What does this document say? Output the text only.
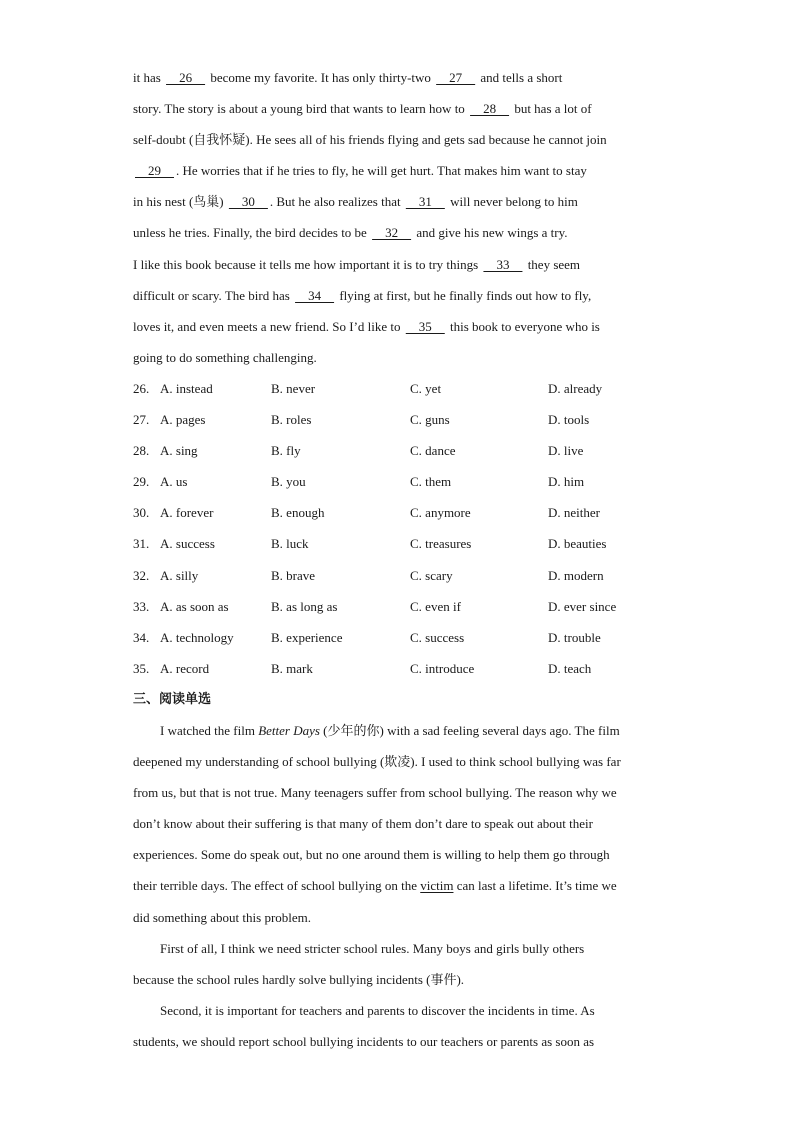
it has  26  become my favorite. It has only thirty-two  27  and tells a short
story. The story is about a young bird that wants to learn how to  28  but has a lot of
self-doubt (自我怀疑). He sees all of his friends flying and gets sad because he cannot join
 29 . He worries that if he tries to fly, he will get hurt. That makes him want to stay
in his nest (鸟巢)  30 . But he also realizes that  31  will never belong to him
unless he tries. Finally, the bird decides to be  32  and give his new wings a try.
I like this book because it tells me how important it is to try things  33  they seem
difficult or scary. The bird has  34  flying at first, but he finally finds out how to fly,
loves it, and even meets a new friend. So I’d like to  35  this book to everyone who is
going to do something challenging.
26. A. instead	B. never	C. yet	D. already
27. A. pages	B. roles	C. guns	D. tools
28. A. sing	B. fly	C. dance	D. live
29. A. us	B. you	C. them	D. him
30. A. forever	B. enough	C. anymore	D. neither
31. A. success	B. luck	C. treasures	D. beauties
32. A. silly	B. brave	C. scary	D. modern
33. A. as soon as	B. as long as	C. even if	D. ever since
34. A. technology	B. experience	C. success	D. trouble
35. A. record	B. mark	C. introduce	D. teach
三、阅读单选
I watched the film Better Days (少年的你) with a sad feeling several days ago. The film
deepened my understanding of school bullying (欺凌). I used to think school bullying was far
from us, but that is not true. Many teenagers suffer from school bullying. The reason why we
don’t know about their suffering is that many of them don’t dare to speak out about their
experiences. Some do speak out, but no one around them is willing to help them go through
their terrible days. The effect of school bullying on the victim can last a lifetime. It’s time we
did something about this problem.
First of all, I think we need stricter school rules. Many boys and girls bully others
because the school rules hardly solve bullying incidents (事件).
Second, it is important for teachers and parents to discover the incidents in time. As
students, we should report school bullying incidents to our teachers or parents as soon as
